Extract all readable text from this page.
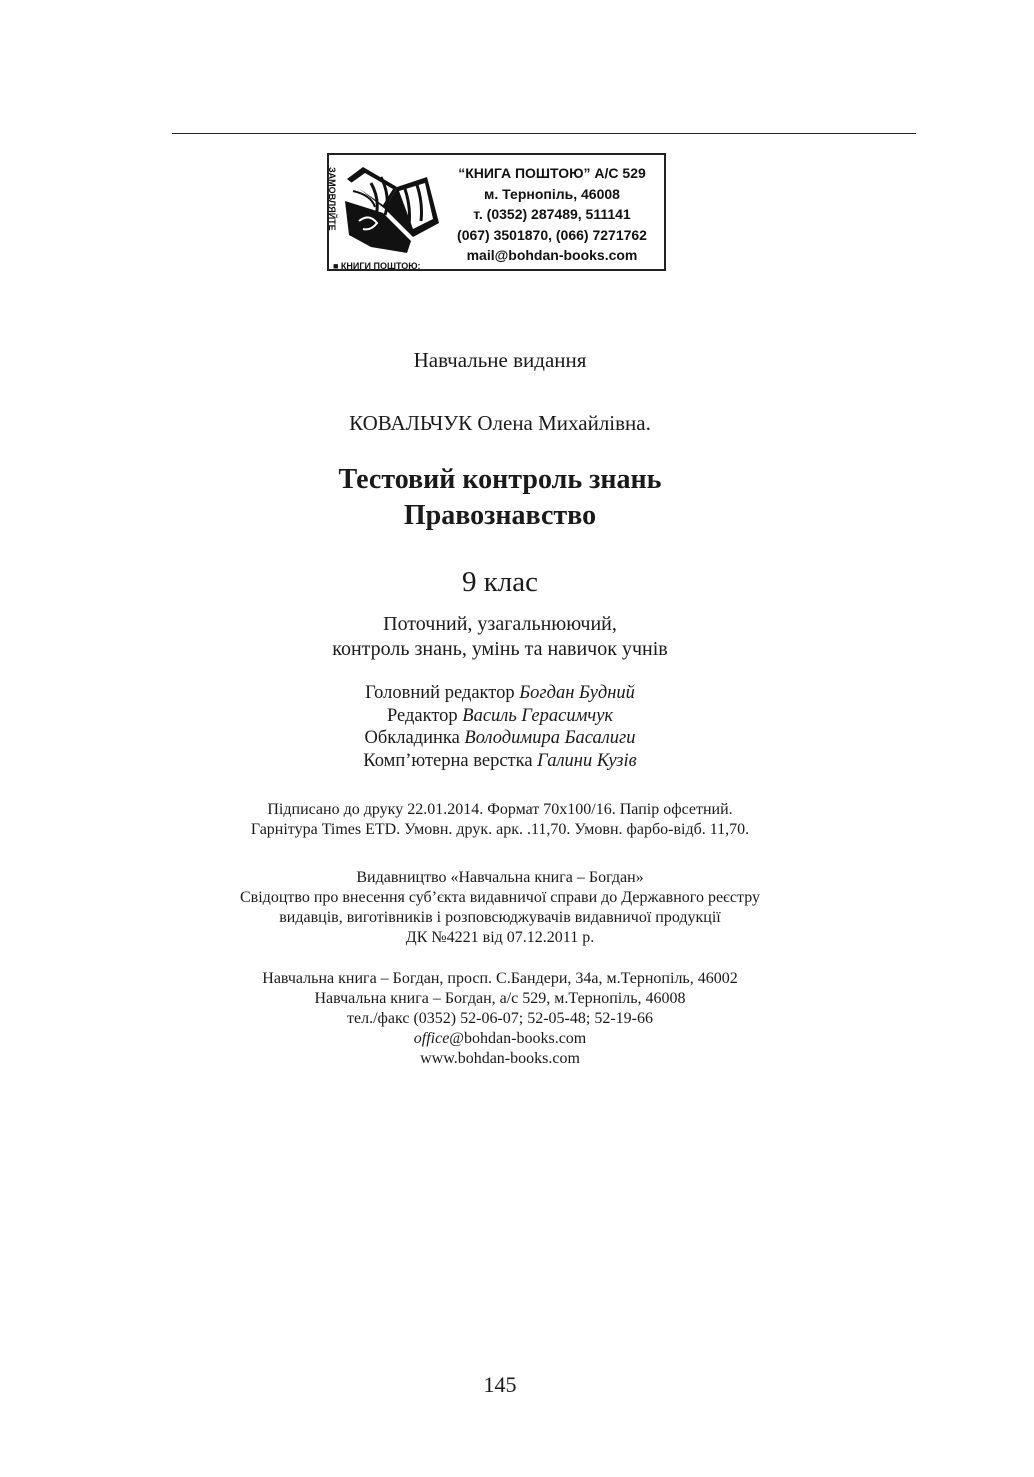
ЗАМОВЛЯЙТЕ
■ КНИГИ ПОШТОЮ:
“КНИГА ПОШТОЮ” А/С 529
м. Тернопіль, 46008
т. (0352) 287489, 511141
(067) 3501870, (066) 7271762
mail@bohdan-books.com
Навчальне видання
КОВАЛЬЧУК Олена Михайлівна.
Тестовий контроль знань
Правознавство
9 клас
Поточний, узагальнюючий,
контроль знань, умінь та навичок учнів
Головний редактор Богдан Будний
Редактор Василь Герасимчук
Обкладинка Володимира Басалиги
Комп’ютерна верстка Галини Кузів
Підписано до друку 22.01.2014. Формат 70х100/16. Папір офсетний.
Гарнітура Times ETD. Умовн. друк. арк. .11,70. Умовн. фарбо-відб. 11,70.
Видавництво «Навчальна книга – Богдан»
Свідоцтво про внесення суб’єкта видавничої справи до Державного реєстру
видавців, виготівників і розповсюджувачів видавничої продукції
ДК №4221 від 07.12.2011 р.
Навчальна книга – Богдан, просп. С.Бандери, 34а, м.Тернопіль, 46002
Навчальна книга – Богдан, а/с 529, м.Тернопіль, 46008
тел./факс (0352) 52-06-07; 52-05-48; 52-19-66
office@bohdan-books.com
www.bohdan-books.com
145
